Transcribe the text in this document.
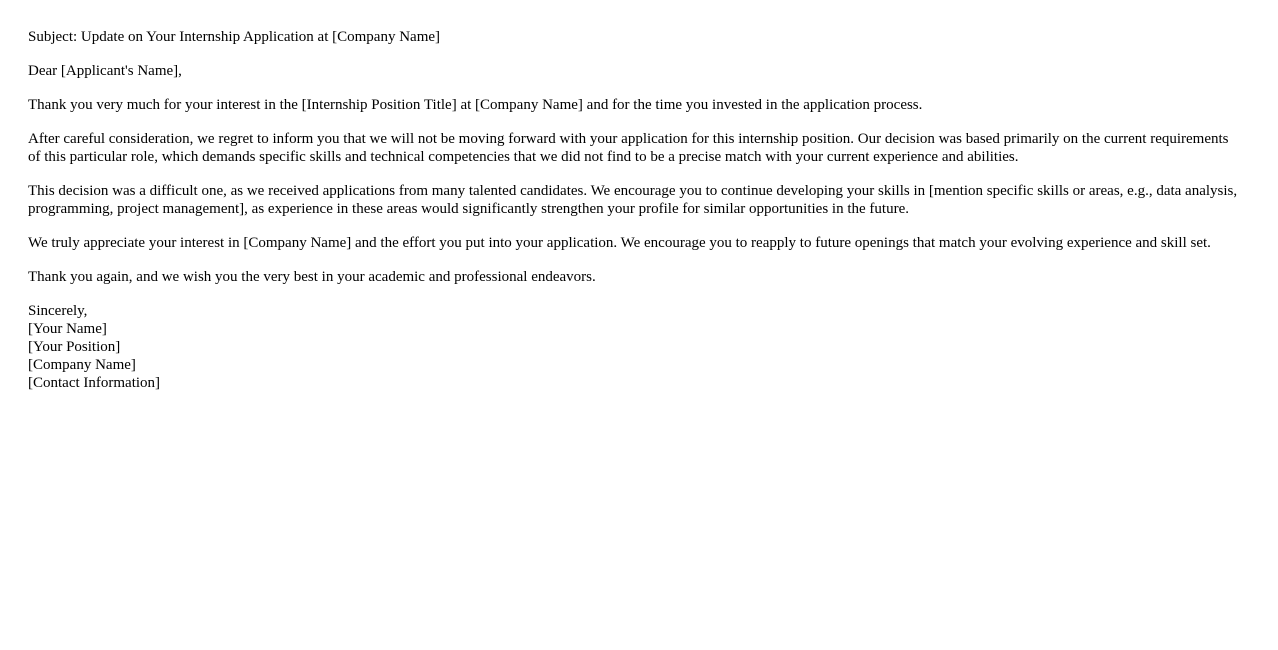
Subject: Update on Your Internship Application at [Company Name]

Dear [Applicant's Name],

Thank you very much for your interest in the [Internship Position Title] at [Company Name] and for the time you invested in the application process.

After careful consideration, we regret to inform you that we will not be moving forward with your application for this internship position. Our decision was based primarily on the current requirements of this particular role, which demands specific skills and technical competencies that we did not find to be a precise match with your current experience and abilities.

This decision was a difficult one, as we received applications from many talented candidates. We encourage you to continue developing your skills in [mention specific skills or areas, e.g., data analysis, programming, project management], as experience in these areas would significantly strengthen your profile for similar opportunities in the future.

We truly appreciate your interest in [Company Name] and the effort you put into your application. We encourage you to reapply to future openings that match your evolving experience and skill set.

Thank you again, and we wish you the very best in your academic and professional endeavors.

Sincerely,
[Your Name]
[Your Position]
[Company Name]
[Contact Information]
